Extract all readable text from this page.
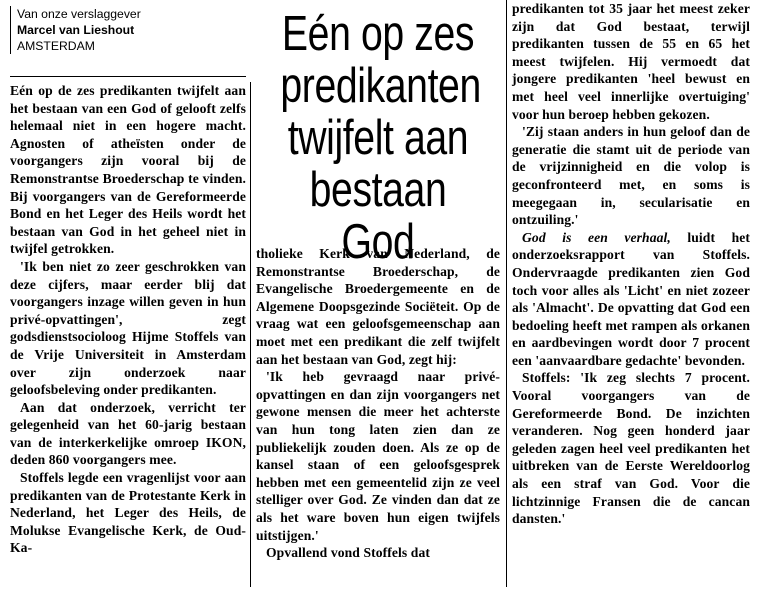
Van onze verslaggever
Marcel van Lieshout
AMSTERDAM	Eén op zes predikanten twijfelt aan bestaan God

Eén op de zes predikanten twijfelt aan het bestaan van een God of gelooft zelfs helemaal niet in een hogere macht. Agnosten of atheïsten onder de voorgangers zijn vooral bij de Remonstrantse Broederschap te vinden. Bij voorgangers van de Gereformeerde Bond en het Leger des Heils wordt het bestaan van God in het geheel niet in twijfel getrokken.

'Ik ben niet zo zeer geschrokken van deze cijfers, maar eerder blij dat voorgangers inzage willen geven in hun privé-opvattingen', zegt godsdienstsocioloog Hijme Stoffels van de Vrije Universiteit in Amsterdam over zijn onderzoek naar geloofsbeleving onder predikanten.

Aan dat onderzoek, verricht ter gelegenheid van het 60-jarig bestaan van de interkerkelijke omroep IKON, deden 860 voorgangers mee.

Stoffels legde een vragenlijst voor aan predikanten van de Protestante Kerk in Nederland, het Leger des Heils, de Molukse Evangelische Kerk, de Oud-Ka-

tholieke Kerk van Nederland, de Remonstrantse Broederschap, de Evangelische Broedergemeente en de Algemene Doopsgezinde Sociëteit. Op de vraag wat een geloofsgemeenschap aan moet met een predikant die zelf twijfelt aan het bestaan van God, zegt hij:

'Ik heb gevraagd naar privé-opvattingen en dan zijn voorgangers net gewone mensen die meer het achterste van hun tong laten zien dan ze publiekelijk zouden doen. Als ze op de kansel staan of een geloofsgesprek hebben met een gemeentelid zijn ze veel stelliger over God. Ze vinden dan dat ze als het ware boven hun eigen twijfels uitstijgen.'

Opvallend vond Stoffels dat

predikanten tot 35 jaar het meest zeker zijn dat God bestaat, terwijl predikanten tussen de 55 en 65 het meest twijfelen. Hij vermoedt dat jongere predikanten 'heel bewust en met heel veel innerlijke overtuiging' voor hun beroep hebben gekozen.

'Zij staan anders in hun geloof dan de generatie die stamt uit de periode van de vrijzinnigheid en die volop is geconfronteerd met, en soms is meegegaan in, secularisatie en ontzuiling.'

God is een verhaal, luidt het onderzoeksrapport van Stoffels. Ondervraagde predikanten zien God toch voor alles als 'Licht' en niet zozeer als 'Almacht'. De opvatting dat God een bedoeling heeft met rampen als orkanen en aardbevingen wordt door 7 procent een 'aanvaardbare gedachte' bevonden.

Stoffels: 'Ik zeg slechts 7 procent. Vooral voorgangers van de Gereformeerde Bond. De inzichten veranderen. Nog geen honderd jaar geleden zagen heel veel predikanten het uitbreken van de Eerste Wereldoorlog als een straf van God. Voor die lichtzinnige Fransen die de cancan dansten.'
